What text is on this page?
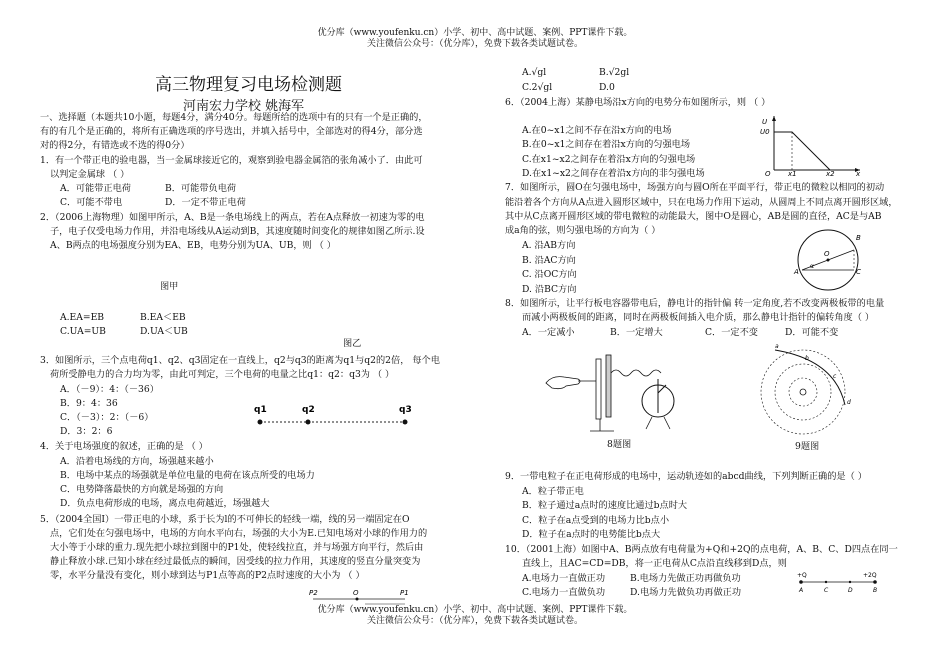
优分库（www.youfenku.cn）小学、初中、高中试题、案例、PPT课件下载。
关注微信公众号：（优分库），免费下载各类试题试卷。
高三物理复习电场检测题
河南宏力学校 姚海军
一、选择题（本题共10小题，每题4分，满分40分。每题所给的选项中有的只有一个是正确的，
有的有几个是正确的，将所有正确选项的序号选出，并填入括号中，全部选对的得4分，部分选
对的得2分，有错选或不选的得0分）
1．有一个带正电的验电器，当一金属球接近它的，观察到验电器金属箔的张角减小了．由此可
以判定金属球 （ ）
A．可能带正电荷	B．可能带负电荷
C．可能不带电	D．一定不带正电荷
2．（2006上海物理）如图甲所示，A、B是一条电场线上的两点，若在A点释放一初速为零的电
子，电子仅受电场力作用，并沿电场线从A运动到B，其速度随时间变化的规律如图乙所示.设
A、B两点的电场强度分别为EA、EB，电势分别为UA、UB，则 （ ）
图甲
A.EA=EB	B.EA＜EB
C.UA=UB	D.UA＜UB
图乙
3．如图所示，三个点电荷q1、q2、q3固定在一直线上，q2与q3的距离为q1与q2的2倍， 每个电
荷所受静电力的合力均为零，由此可判定，三个电荷的电量之比q1：q2：q3为 （ ）
A．（－9）：4：（－36）
B．9：4：36
C．（－3）：2：（－6）
D．3：2：6
q1	q2	q3
4．关于电场强度的叙述，正确的是 （ ）
A．沿着电场线的方向，场强越来越小
B．电场中某点的场强就是单位电量的电荷在该点所受的电场力
C．电势降落最快的方向就是场强的方向
D．负点电荷形成的电场，离点电荷越近，场强越大
5．（2004全国Ⅰ）一带正电的小球，系于长为l的不可伸长的轻线一端，线的另一端固定在O
点，它们处在匀强电场中，电场的方向水平向右，场强的大小为E.已知电场对小球的作用力的
大小等于小球的重力.现先把小球拉到图中的P1处，使轻线拉直，并与场强方向平行，然后由
静止释放小球.已知小球在经过最低点的瞬间，因受线的拉力作用，其速度的竖直分量突变为
零，水平分量没有变化，则小球到达与P1点等高的P2点时速度的大小为 （ ）
P2	O	P1
A.√gl	B.√2gl
C.2√gl	D.0
6．（2004上海）某静电场沿x方向的电势分布如图所示，则 （ ）
A.在0~x1之间不存在沿x方向的电场
B.在0~x1之间存在着沿x方向的匀强电场
C.在x1~x2之间存在着沿x方向的匀强电场
D.在x1~x2之间存在着沿x方向的非匀强电场
U
U0
O x1	x2	x
7．如图所示，圆O在匀强电场中，场强方向与圆O所在平面平行，带正电的微粒以相同的初动
能沿着各个方向从A点进入圆形区域中，只在电场力作用下运动，从圆周上不同点离开圆形区域，
其中从C点离开圆形区域的带电微粒的动能最大，图中O是圆心，AB是圆的直径，AC是与AB
成a角的弦，则匀强电场的方向为（ ）
A. 沿AB方向
B. 沿AC方向
C. 沿OC方向
D. 沿BC方向
A
B
C
O
α
8．如图所示，让平行板电容器带电后，静电计的指针偏 转一定角度,若不改变两极板带的电量
而减小两极板间的距离，同时在两极板间插入电介质，那么静电计指针的偏转角度（ ）
A．一定减小	B．一定增大	C．一定不变	D．可能不变
8题图
a
b
c
d
9题图
9．一带电粒子在正电荷形成的电场中，运动轨迹如的abcd曲线，下列判断正确的是（ ）
A．粒子带正电
B．粒子通过a点时的速度比通过b点时大
C．粒子在a点受到的电场力比b点小
D．粒子在a点时的电势能比b点大
10．（2001上海）如图中A、B两点放有电荷量为+Q和+2Q的点电荷，A、B、C、D四点在同一
直线上，且AC=CD=DB，将一正电荷从C点沿直线移到D点，则
A.电场力一直做正功	B.电场力先做正功再做负功
C.电场力一直做负功	D.电场力先做负功再做正功
+Q	+2Q
A	C	D	B
优分库（www.youfenku.cn）小学、初中、高中试题、案例、PPT课件下载。
关注微信公众号：（优分库），免费下载各类试题试卷。
